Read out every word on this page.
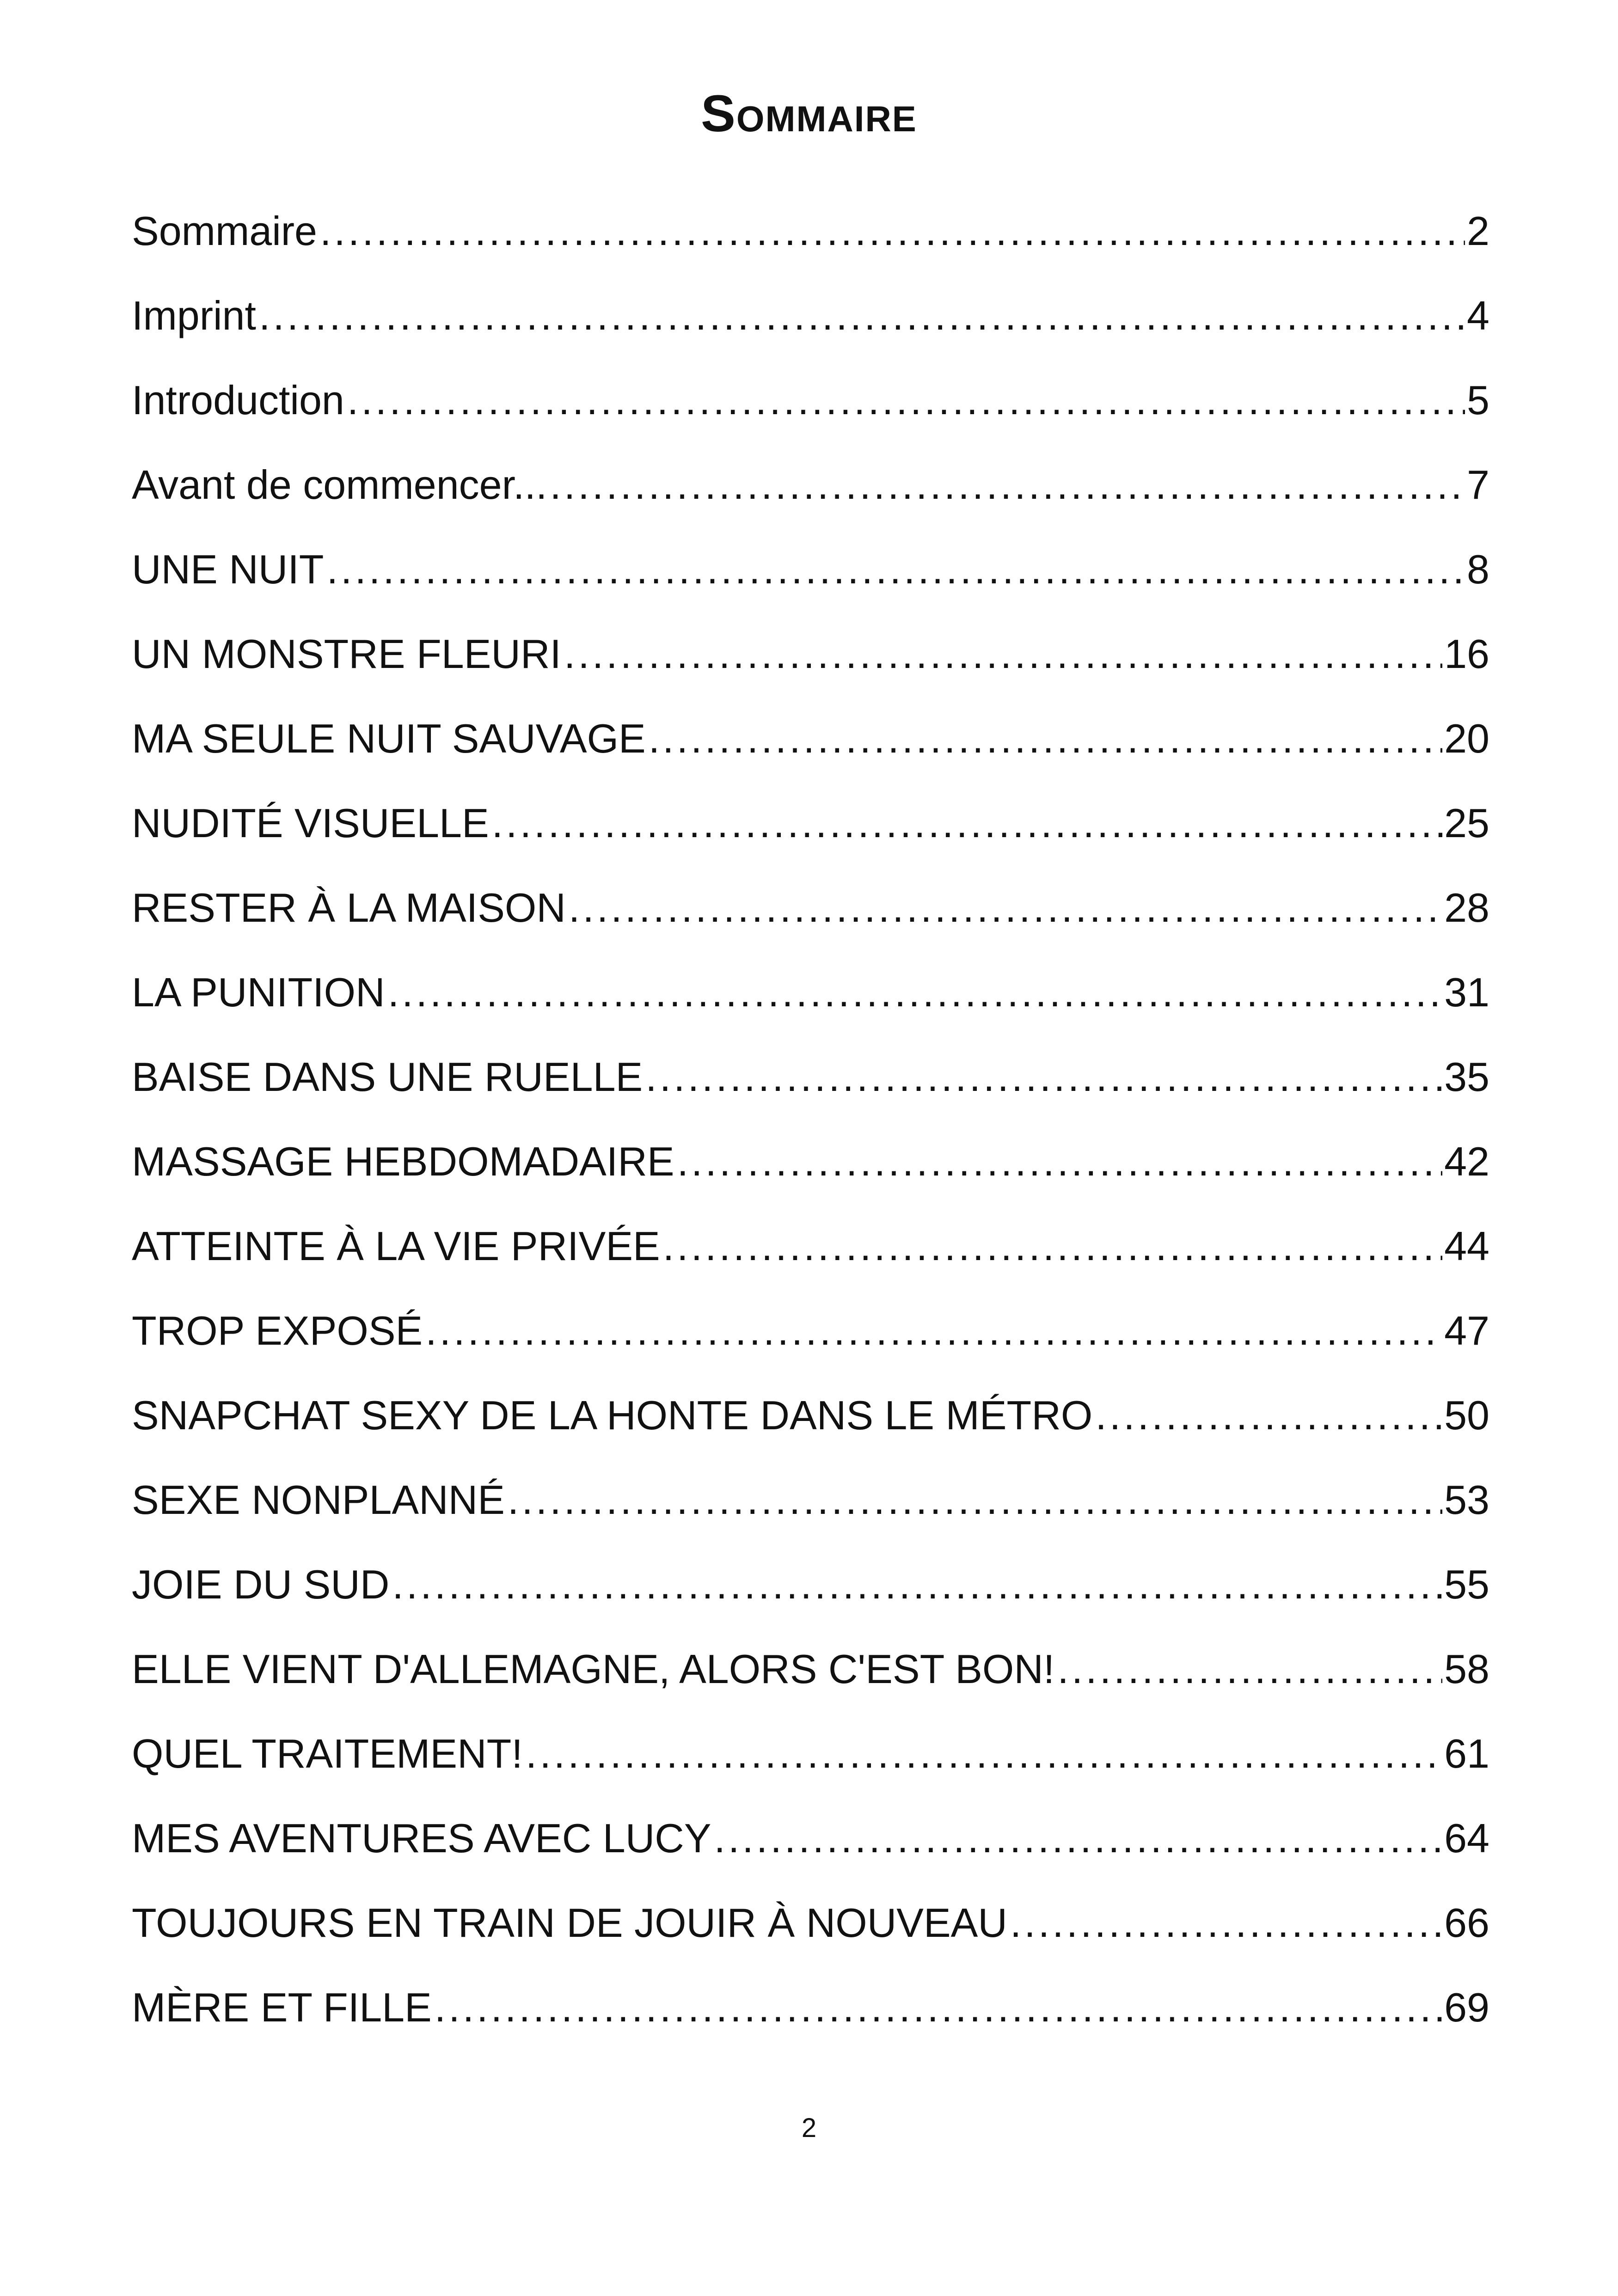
Sommaire
Sommaire .....	2
Imprint .....	4
Introduction .....	5
Avant de commencer... .....	7
UNE NUIT .....	8
UN MONSTRE FLEURI .....	16
MA SEULE NUIT SAUVAGE .....	20
NUDITÉ VISUELLE .....	25
RESTER À LA MAISON .....	28
LA PUNITION .....	31
BAISE DANS UNE RUELLE .....	35
MASSAGE HEBDOMADAIRE .....	42
ATTEINTE À LA VIE PRIVÉE .....	44
TROP EXPOSÉ .....	47
SNAPCHAT SEXY DE LA HONTE DANS LE MÉTRO .....	50
SEXE NONPLANNÉ .....	53
JOIE DU SUD .....	55
ELLE VIENT D'ALLEMAGNE, ALORS C'EST BON! .....	58
QUEL TRAITEMENT! .....	61
MES AVENTURES AVEC LUCY .....	64
TOUJOURS EN TRAIN DE JOUIR À NOUVEAU .....	66
MÈRE ET FILLE .....	69
2
